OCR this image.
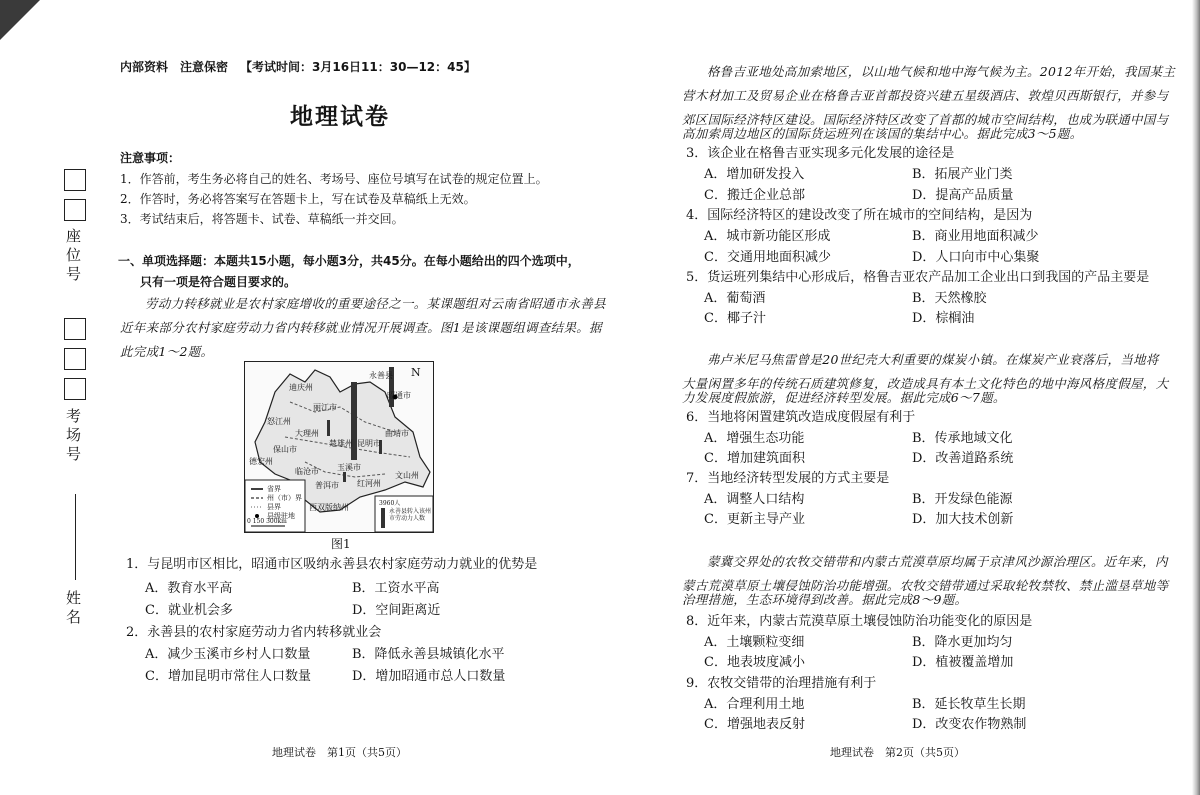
座位号
考场号
姓名
内部资料　注意保密 【考试时间：3月16日11：30—12：45】
地理试卷
注意事项：
1．作答前，考生务必将自己的姓名、考场号、座位号填写在试卷的规定位置上。
2．作答时，务必将答案写在答题卡上，写在试卷及草稿纸上无效。
3．考试结束后，将答题卡、试卷、草稿纸一并交回。
一、单项选择题：本题共15小题，每小题3分，共45分。在每小题给出的四个选项中，
只有一项是符合题目要求的。
劳动力转移就业是农村家庭增收的重要途径之一。某课题组对云南省昭通市永善县
近年来部分农村家庭劳动力省内转移就业情况开展调查。图1是该课题组调查结果。据
此完成1～2题。
N
迪庆州
丽江市
怒江州
大理州
楚雄州 昆明市
曲靖市
昭通市
保山市
德宏州
临沧市
普洱市 红河州
文山州
玉溪市
西双版纳州
永善县
省界
州（市）界
县界
县级驻地
0 150 300km
3960人
永善县转入该州市劳动力人数
图1
1．与昆明市区相比，昭通市区吸纳永善县农村家庭劳动力就业的优势是
A．教育水平高	B．工资水平高
C．就业机会多	D．空间距离近
2．永善县的农村家庭劳动力省内转移就业会
A．减少玉溪市乡村人口数量	B．降低永善县城镇化水平
C．增加昆明市常住人口数量	D．增加昭通市总人口数量
地理试卷　第1页（共5页）
格鲁吉亚地处高加索地区，以山地气候和地中海气候为主。2012年开始，我国某主
营木材加工及贸易企业在格鲁吉亚首都投资兴建五星级酒店、敦煌贝西斯银行，并参与
郊区国际经济特区建设。国际经济特区改变了首都的城市空间结构，也成为联通中国与
高加索周边地区的国际货运班列在该国的集结中心。据此完成3～5题。
3．该企业在格鲁吉亚实现多元化发展的途径是
A．增加研发投入	B．拓展产业门类
C．搬迁企业总部	D．提高产品质量
4．国际经济特区的建设改变了所在城市的空间结构，是因为
A．城市新功能区形成	B．商业用地面积减少
C．交通用地面积减少	D．人口向市中心集聚
5．货运班列集结中心形成后，格鲁吉亚农产品加工企业出口到我国的产品主要是
A．葡萄酒	B．天然橡胶
C．椰子汁	D．棕榈油
弗卢米尼马焦雷曾是20世纪壳大利重要的煤炭小镇。在煤炭产业衰落后，当地将
大量闲置多年的传统石质建筑修复，改造成具有本土文化特色的地中海风格度假屋，大
力发展度假旅游，促进经济转型发展。据此完成6～7题。
6．当地将闲置建筑改造成度假屋有利于
A．增强生态功能	B．传承地域文化
C．增加建筑面积	D．改善道路系统
7．当地经济转型发展的方式主要是
A．调整人口结构	B．开发绿色能源
C．更新主导产业	D．加大技术创新
蒙冀交界处的农牧交错带和内蒙古荒漠草原均属于京津风沙源治理区。近年来，内
蒙古荒漠草原土壤侵蚀防治功能增强。农牧交错带通过采取轮牧禁牧、禁止滥垦草地等
治理措施，生态环境得到改善。据此完成8～9题。
8．近年来，内蒙古荒漠草原土壤侵蚀防治功能变化的原因是
A．土壤颗粒变细	B．降水更加均匀
C．地表坡度减小	D．植被覆盖增加
9．农牧交错带的治理措施有利于
A．合理利用土地	B．延长牧草生长期
C．增强地表反射	D．改变农作物熟制
地理试卷　第2页（共5页）
